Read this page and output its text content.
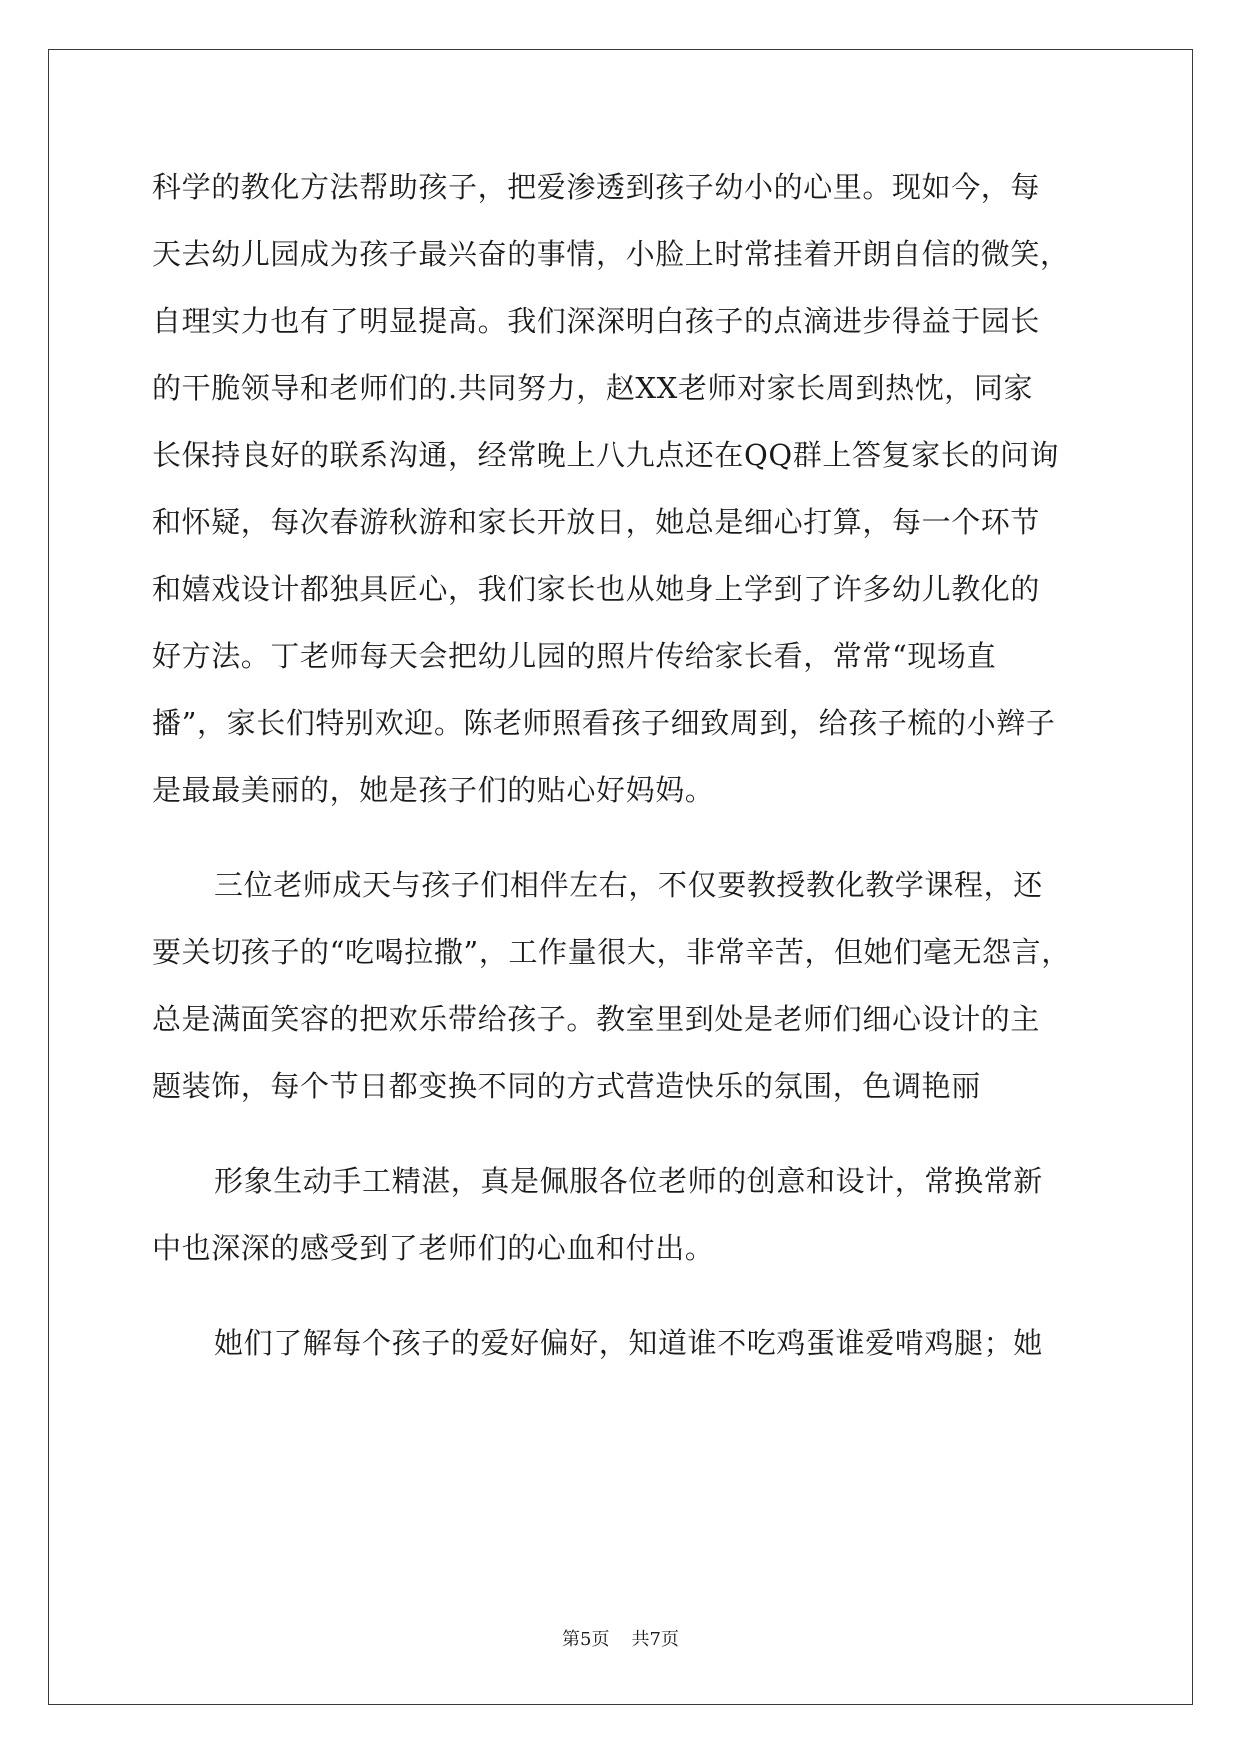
科学的教化方法帮助孩子，把爱渗透到孩子幼小的心里。现如今，每
天去幼儿园成为孩子最兴奋的事情，小脸上时常挂着开朗自信的微笑，
自理实力也有了明显提高。我们深深明白孩子的点滴进步得益于园长
的干脆领导和老师们的.共同努力，赵XX老师对家长周到热忱，同家
长保持良好的联系沟通，经常晚上八九点还在QQ群上答复家长的问询
和怀疑，每次春游秋游和家长开放日，她总是细心打算，每一个环节
和嬉戏设计都独具匠心，我们家长也从她身上学到了许多幼儿教化的
好方法。丁老师每天会把幼儿园的照片传给家长看，常常“现场直
播”，家长们特别欢迎。陈老师照看孩子细致周到，给孩子梳的小辫子
是最最美丽的，她是孩子们的贴心好妈妈。
三位老师成天与孩子们相伴左右，不仅要教授教化教学课程，还
要关切孩子的“吃喝拉撒”，工作量很大，非常辛苦，但她们毫无怨言，
总是满面笑容的把欢乐带给孩子。教室里到处是老师们细心设计的主
题装饰，每个节日都变换不同的方式营造快乐的氛围，色调艳丽
形象生动手工精湛，真是佩服各位老师的创意和设计，常换常新
中也深深的感受到了老师们的心血和付出。
她们了解每个孩子的爱好偏好，知道谁不吃鸡蛋谁爱啃鸡腿；她
第5页 共7页
